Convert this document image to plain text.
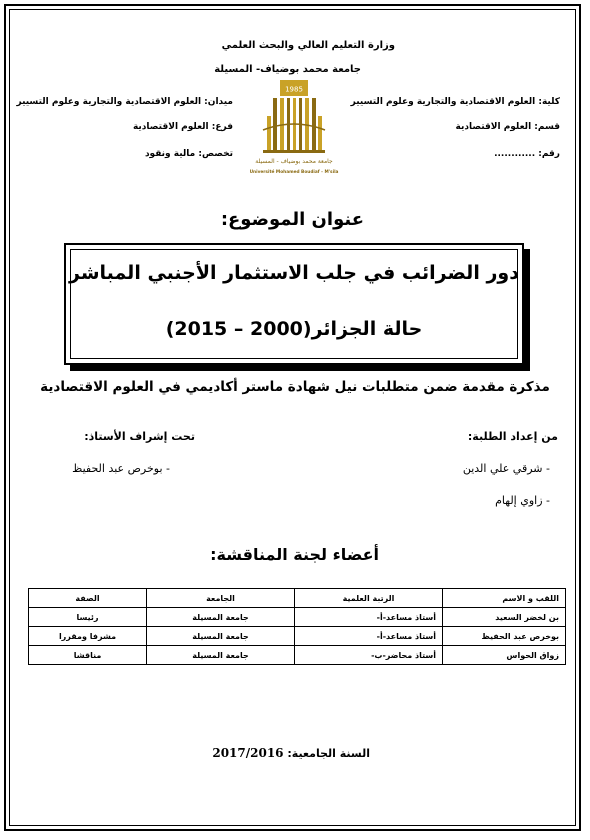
وزارة التعليم العالي والبحث العلمي
جامعة محمد بوضياف- المسيلة
كلية: العلوم الاقتصادية والتجارية وعلوم التسيير
قسم: العلوم الاقتصادية
رقم: ............
ميدان: العلوم الاقتصادية والتجارية وعلوم التسيير
فرع: العلوم الاقتصادية
تخصص: مالية ونقود
1985
جامعة محمد بوضياف - المسيلة
Université Mohamed Boudiaf - M'sila
عنوان الموضوع:
دور الضرائب في جلب الاستثمار الأجنبي المباشر
حالة الجزائر(2000 – 2015)
مذكرة مقدمة ضمن متطلبات نيل شهادة ماستر أكاديمي في العلوم الاقتصادية
من إعداد الطلبة:
تحت إشراف الأستاذ:
- شرقي علي الدين
- زاوي إلهام
- بوخرص عبد الحفيظ
أعضاء لجنة المناقشة:
اللقب و الاسم	الرتبة العلمية	الجامعة	الصفة
بن لخضر السعيد	أستاذ مساعد-أ-	جامعة المسيلة	رئيسا
بوخرص عبد الحفيظ	أستاذ مساعد-أ-	جامعة المسيلة	مشرفا ومقررا
زواق الحواس	أستاذ محاضر-ب-	جامعة المسيلة	مناقشا
السنة الجامعية: 2017/2016
